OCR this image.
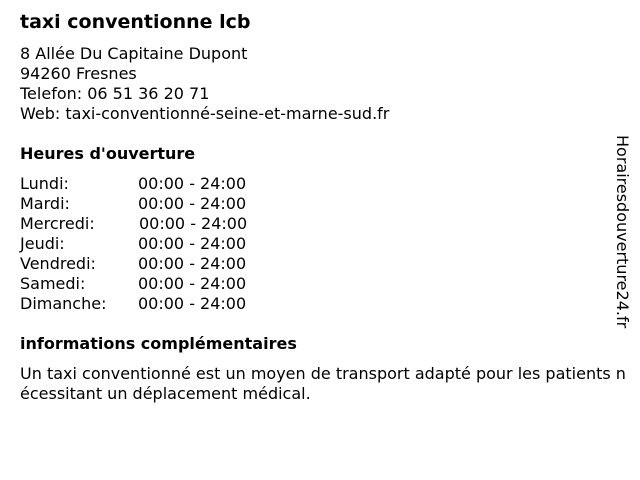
taxi conventionne lcb
8 Allée Du Capitaine Dupont
94260 Fresnes
Telefon: 06 51 36 20 71
Web: taxi-conventionné-seine-et-marne-sud.fr
Heures d'ouverture
Lundi:	00:00 - 24:00
Mardi:	00:00 - 24:00
Mercredi:	00:00 - 24:00
Jeudi:	00:00 - 24:00
Vendredi:	00:00 - 24:00
Samedi:	00:00 - 24:00
Dimanche: 00:00 - 24:00
informations complémentaires
Un taxi conventionné est un moyen de transport adapté pour les patients nécessitant un déplacement médical.
Horairesdouverture24.fr
